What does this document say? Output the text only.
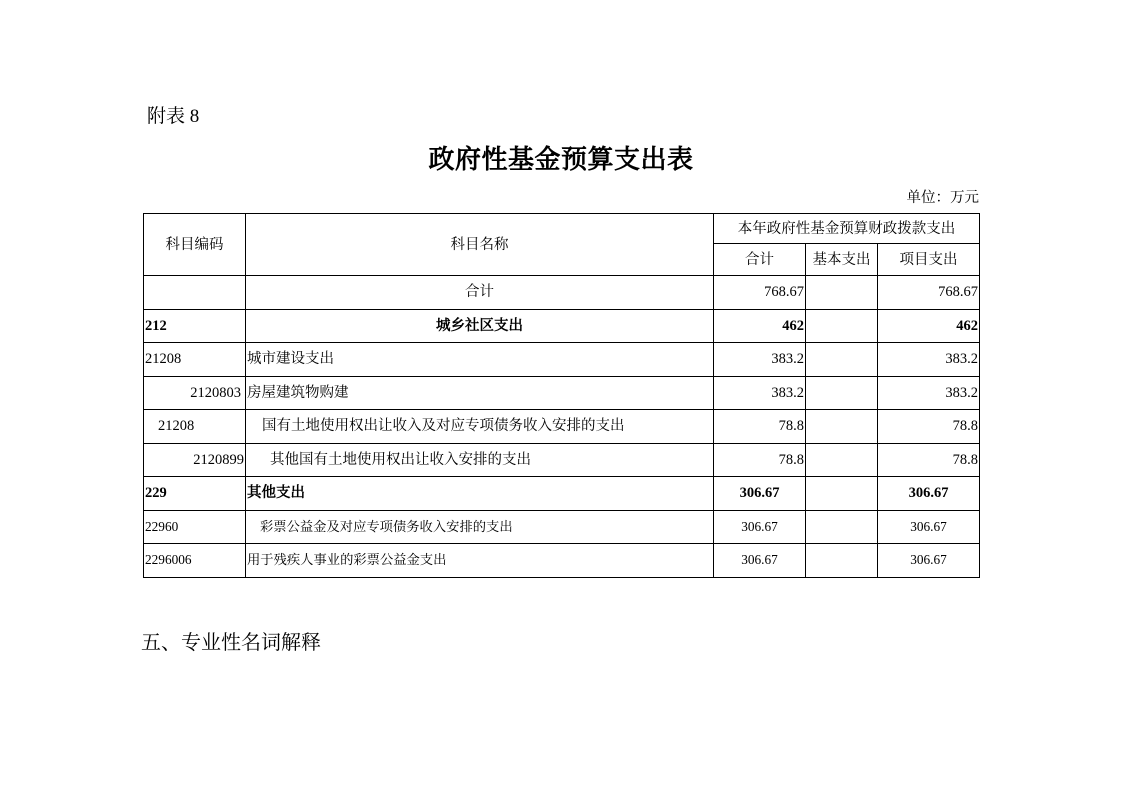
附表 8
政府性基金预算支出表
单位：万元
科目编码	科目名称	本年政府性基金预算财政拨款支出		
		合计	基本支出	项目支出
	合计	768.67		768.67
212	城乡社区支出	462		462
21208	城市建设支出	383.2		383.2
2120803	房屋建筑物购建	383.2		383.2
21208	国有土地使用权出让收入及对应专项债务收入安排的支出	78.8		78.8
2120899	其他国有土地使用权出让收入安排的支出	78.8		78.8
229	其他支出	306.67		306.67
22960	彩票公益金及对应专项债务收入安排的支出	306.67		306.67
2296006	用于残疾人事业的彩票公益金支出	306.67		306.67
五、专业性名词解释
